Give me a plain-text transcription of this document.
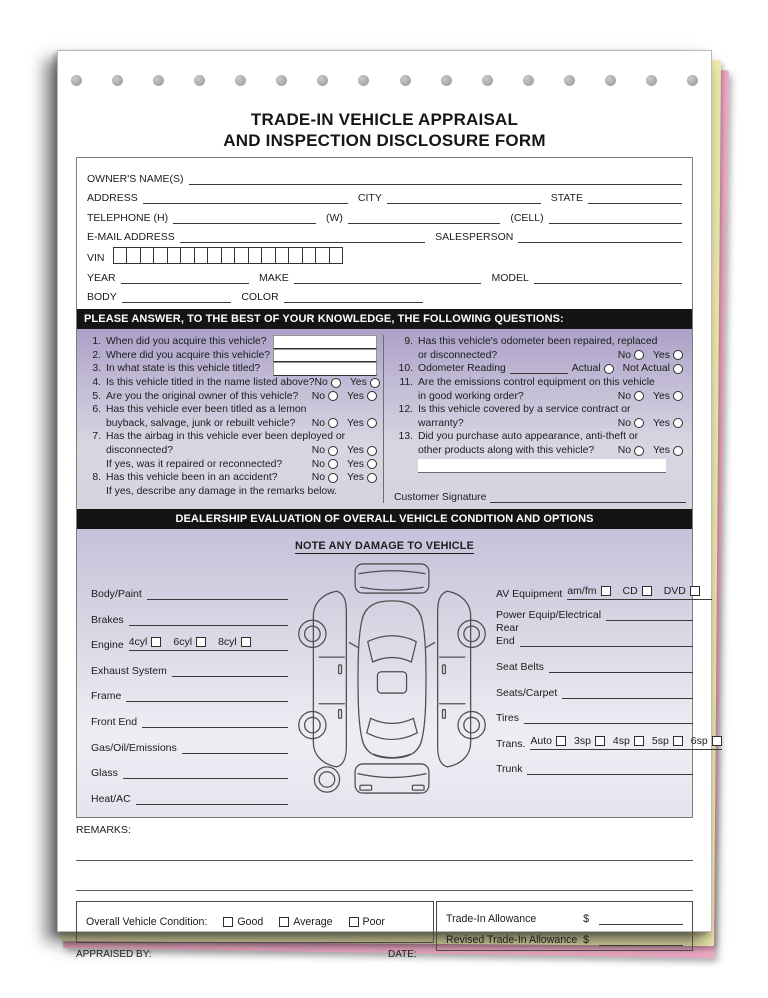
TRADE-IN VEHICLE APPRAISAL
AND INSPECTION DISCLOSURE FORM
OWNER'S NAME(S)
ADDRESS	CITY	STATE
TELEPHONE (H)	(W)	(CELL)
E-MAIL ADDRESS	SALESPERSON
VIN
YEAR	MAKE	MODEL
BODY	COLOR
PLEASE ANSWER, TO THE BEST OF YOUR KNOWLEDGE, THE FOLLOWING QUESTIONS:
1. When did you acquire this vehicle?
2. Where did you acquire this vehicle?
3. In what state is this vehicle titled?
4. Is this vehicle titled in the name listed above? No Yes
5. Are you the original owner of this vehicle? No Yes
6. Has this vehicle ever been titled as a lemon
buyback, salvage, junk or rebuilt vehicle? No Yes
7. Has the airbag in this vehicle ever been deployed or
disconnected?	No Yes
If yes, was it repaired or reconnected?	No Yes
8. Has this vehicle been in an accident?	No Yes
If yes, describe any damage in the remarks below.
9. Has this vehicle's odometer been repaired, replaced
or disconnected?	No Yes
10. Odometer Reading	Actual Not Actual
11. Are the emissions control equipment on this vehicle
in good working order?	No Yes
12. Is this vehicle covered by a service contract or
warranty?	No Yes
13. Did you purchase auto appearance, anti-theft or
other products along with this vehicle? No Yes
Customer Signature
DEALERSHIP EVALUATION OF OVERALL VEHICLE CONDITION AND OPTIONS
NOTE ANY DAMAGE TO VEHICLE
Body/Paint
Brakes
Engine 4cyl 6cyl 8cyl
Exhaust System
Frame
Front End
Gas/Oil/Emissions
Glass
Heat/AC
AV Equipment am/fm CD DVD
Power Equip/Electrical
Rear
End
Seat Belts
Seats/Carpet
Tires
Trans. Auto 3sp 4sp 5sp 6sp
Trunk
REMARKS:
Overall Vehicle Condition:	Good	Average	Poor
APPRAISED BY:	DATE:
Trade-In Allowance	$
Revised Trade-In Allowance $
